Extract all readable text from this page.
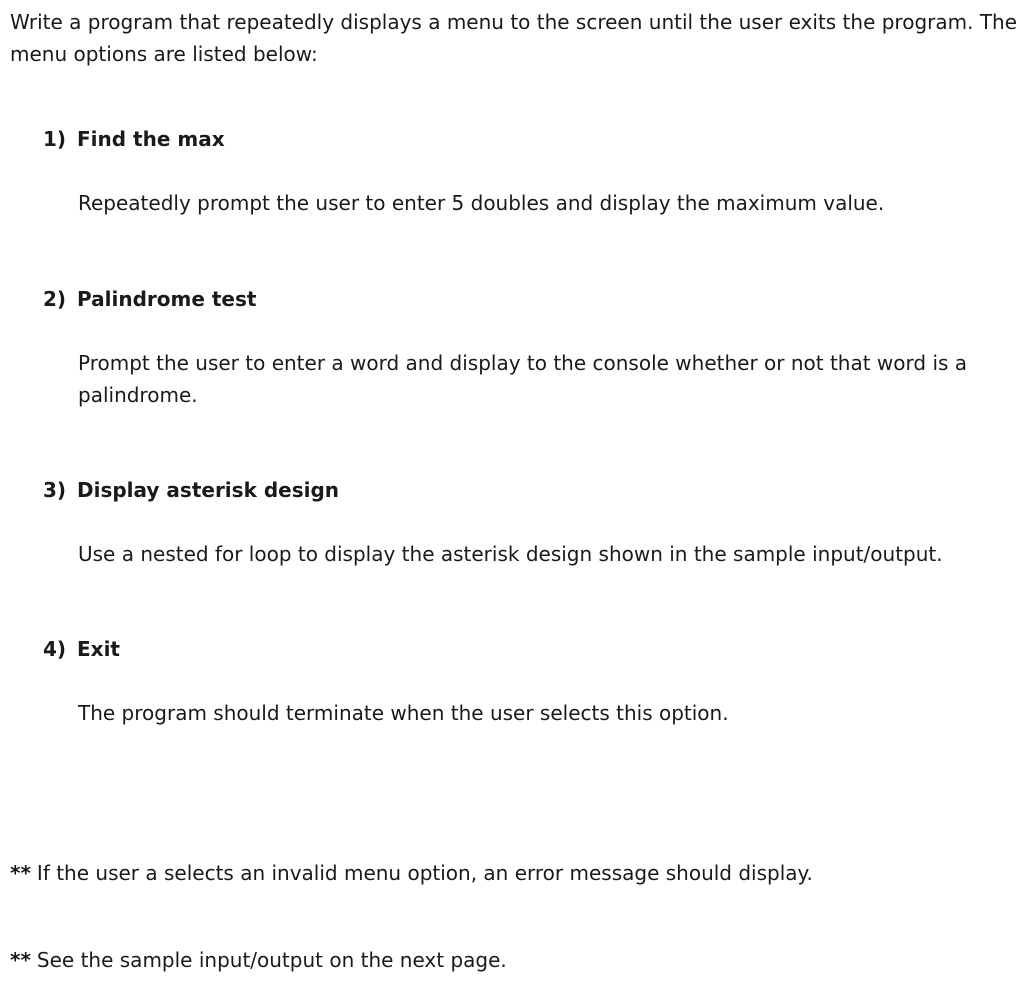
Write a program that repeatedly displays a menu to the screen until the user exits the program. The menu options are listed below:

1) Find the max

Repeatedly prompt the user to enter 5 doubles and display the maximum value.

2) Palindrome test

Prompt the user to enter a word and display to the console whether or not that word is a palindrome.

3) Display asterisk design

Use a nested for loop to display the asterisk design shown in the sample input/output.

4) Exit

The program should terminate when the user selects this option.

** If the user a selects an invalid menu option, an error message should display.

** See the sample input/output on the next page.
